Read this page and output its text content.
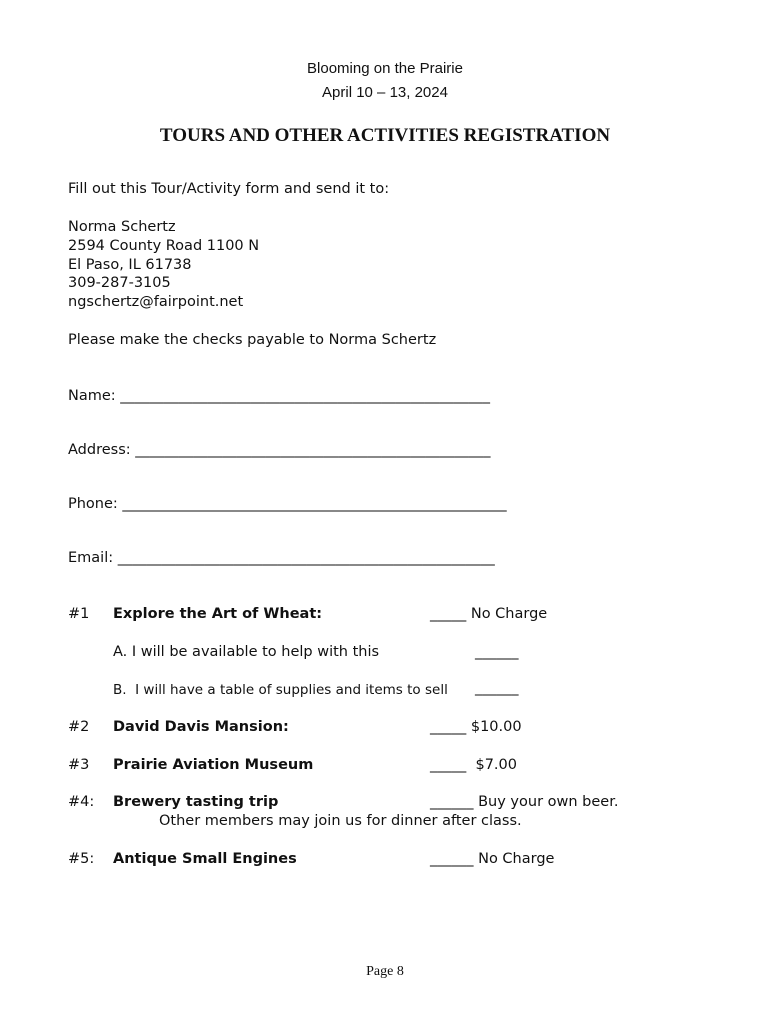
Blooming on the Prairie
April 10 – 13, 2024
TOURS AND OTHER ACTIVITIES REGISTRATION
Fill out this Tour/Activity form and send it to:
Norma Schertz
2594 County Road 1100 N
El Paso, IL 61738
309-287-3105
ngschertz@fairpoint.net
Please make the checks payable to Norma Schertz
Name: ___________________________________________________
Address: _________________________________________________
Phone: _____________________________________________________
Email: ____________________________________________________
#1 Explore the Art of Wheat:	_____ No Charge
A. I will be available to help with this	______
B.  I will have a table of supplies and items to sell ______
#2 David Davis Mansion:	_____ $10.00
#3 Prairie Aviation Museum	_____  $7.00
#4: Brewery tasting trip	______ Buy your own beer.
Other members may join us for dinner after class.
#5: Antique Small Engines	______ No Charge
Page 8
